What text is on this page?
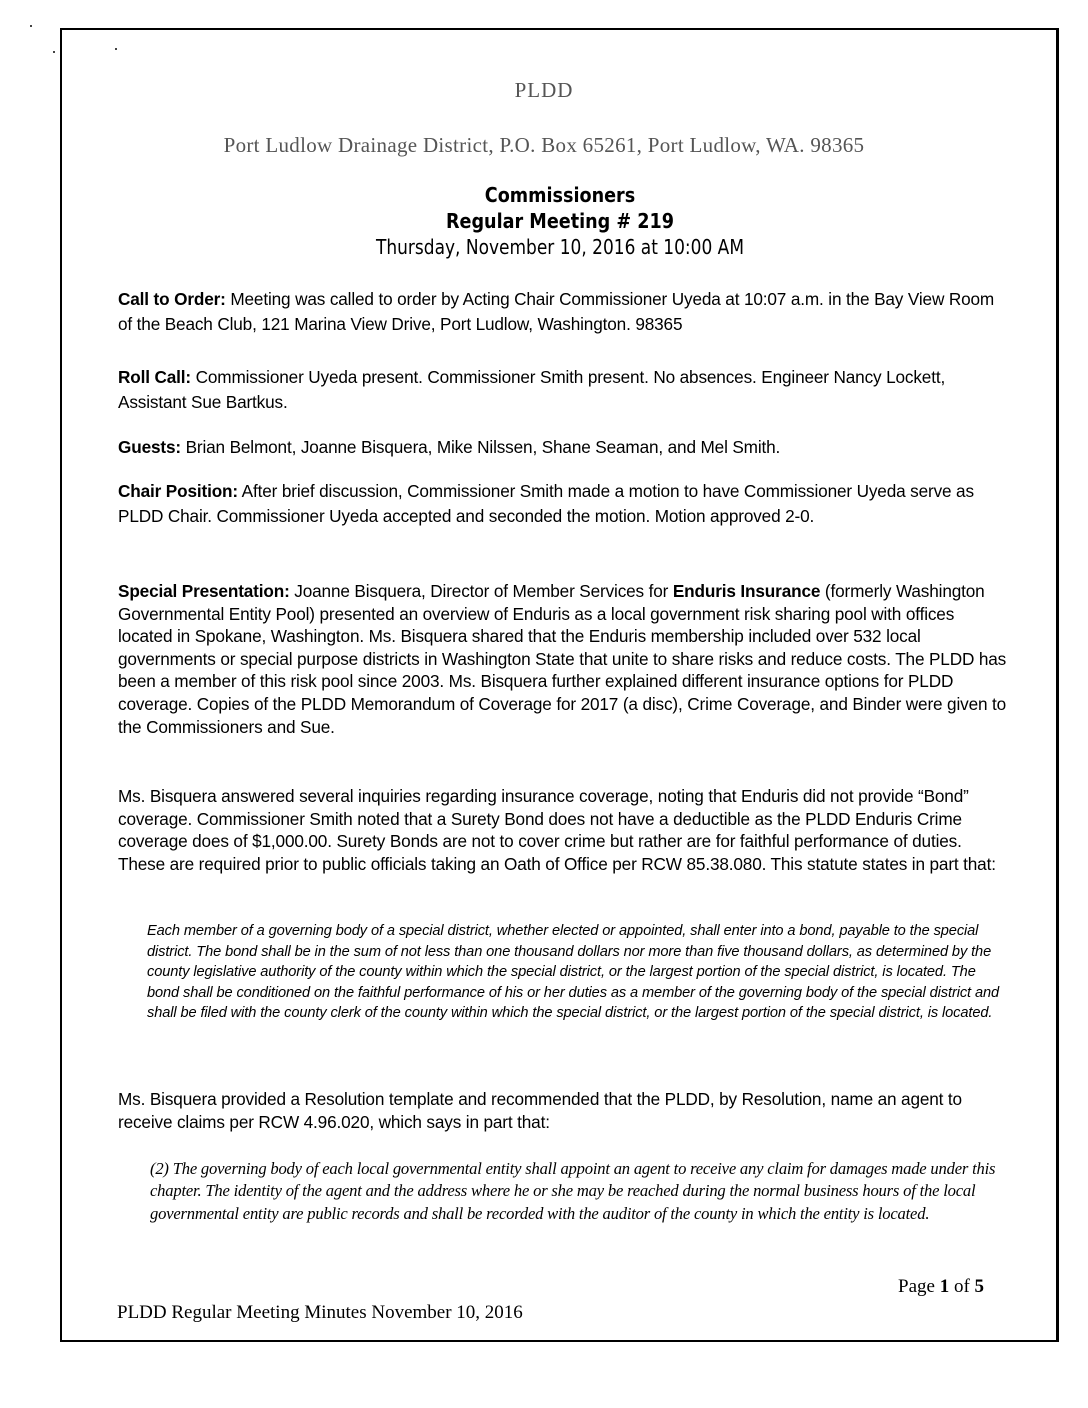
PLDD
Port Ludlow Drainage District, P.O. Box 65261, Port Ludlow, WA. 98365
Commissioners
Regular Meeting # 219
Thursday, November 10, 2016 at 10:00 AM

Call to Order: Meeting was called to order by Acting Chair Commissioner Uyeda at 10:07 a.m. in the Bay View Room of the Beach Club, 121 Marina View Drive, Port Ludlow, Washington. 98365

Roll Call: Commissioner Uyeda present. Commissioner Smith present. No absences. Engineer Nancy Lockett, Assistant Sue Bartkus.

Guests: Brian Belmont, Joanne Bisquera, Mike Nilssen, Shane Seaman, and Mel Smith.

Chair Position: After brief discussion, Commissioner Smith made a motion to have Commissioner Uyeda serve as PLDD Chair. Commissioner Uyeda accepted and seconded the motion. Motion approved 2-0.

Special Presentation: Joanne Bisquera, Director of Member Services for Enduris Insurance (formerly Washington Governmental Entity Pool) presented an overview of Enduris as a local government risk sharing pool with offices located in Spokane, Washington. Ms. Bisquera shared that the Enduris membership included over 532 local governments or special purpose districts in Washington State that unite to share risks and reduce costs. The PLDD has been a member of this risk pool since 2003. Ms. Bisquera further explained different insurance options for PLDD coverage. Copies of the PLDD Memorandum of Coverage for 2017 (a disc), Crime Coverage, and Binder were given to the Commissioners and Sue.

Ms. Bisquera answered several inquiries regarding insurance coverage, noting that Enduris did not provide “Bond” coverage. Commissioner Smith noted that a Surety Bond does not have a deductible as the PLDD Enduris Crime coverage does of $1,000.00. Surety Bonds are not to cover crime but rather are for faithful performance of duties. These are required prior to public officials taking an Oath of Office per RCW 85.38.080. This statute states in part that:

Each member of a governing body of a special district, whether elected or appointed, shall enter into a bond, payable to the special district. The bond shall be in the sum of not less than one thousand dollars nor more than five thousand dollars, as determined by the county legislative authority of the county within which the special district, or the largest portion of the special district, is located. The bond shall be conditioned on the faithful performance of his or her duties as a member of the governing body of the special district and shall be filed with the county clerk of the county within which the special district, or the largest portion of the special district, is located.

Ms. Bisquera provided a Resolution template and recommended that the PLDD, by Resolution, name an agent to receive claims per RCW 4.96.020, which says in part that:

(2) The governing body of each local governmental entity shall appoint an agent to receive any claim for damages made under this chapter. The identity of the agent and the address where he or she may be reached during the normal business hours of the local governmental entity are public records and shall be recorded with the auditor of the county in which the entity is located.

Page 1 of 5
PLDD Regular Meeting Minutes November 10, 2016
